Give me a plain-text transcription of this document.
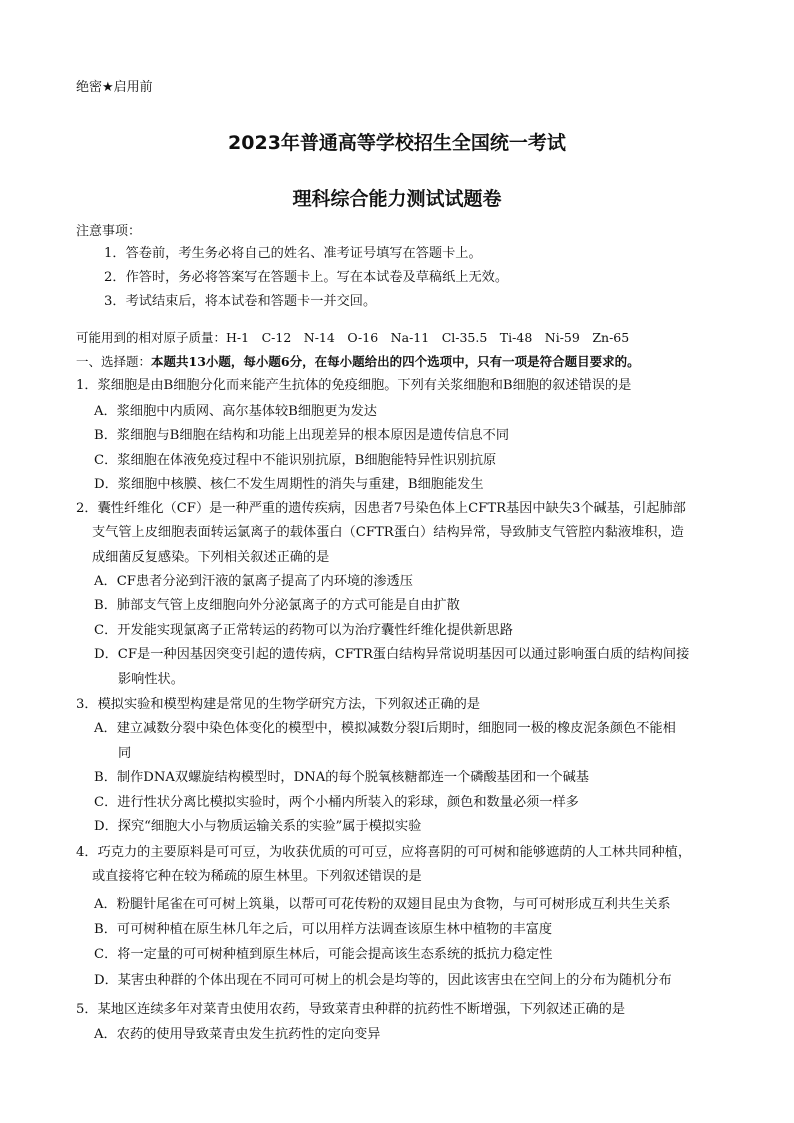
绝密★启用前
2023年普通高等学校招生全国统一考试
理科综合能力测试试题卷
注意事项：
1．答卷前，考生务必将自己的姓名、准考证号填写在答题卡上。
2．作答时，务必将答案写在答题卡上。写在本试卷及草稿纸上无效。
3．考试结束后，将本试卷和答题卡一并交回。
可能用到的相对原子质量：H-1　C-12　N-14　O-16　Na-11　Cl-35.5　Ti-48　Ni-59　Zn-65
一、选择题：本题共13小题，每小题6分，在每小题给出的四个选项中，只有一项是符合题目要求的。
1．浆细胞是由B细胞分化而来能产生抗体的免疫细胞。下列有关浆细胞和B细胞的叙述错误的是
A．浆细胞中内质网、高尔基体较B细胞更为发达
B．浆细胞与B细胞在结构和功能上出现差异的根本原因是遗传信息不同
C．浆细胞在体液免疫过程中不能识别抗原，B细胞能特异性识别抗原
D．浆细胞中核膜、核仁不发生周期性的消失与重建，B细胞能发生
2．囊性纤维化（CF）是一种严重的遗传疾病，因患者7号染色体上CFTR基因中缺失3个碱基，引起肺部
支气管上皮细胞表面转运氯离子的载体蛋白（CFTR蛋白）结构异常，导致肺支气管腔内黏液堆积，造
成细菌反复感染。下列相关叙述正确的是
A．CF患者分泌到汗液的氯离子提高了内环境的渗透压
B．肺部支气管上皮细胞向外分泌氯离子的方式可能是自由扩散
C．开发能实现氯离子正常转运的药物可以为治疗囊性纤维化提供新思路
D．CF是一种因基因突变引起的遗传病，CFTR蛋白结构异常说明基因可以通过影响蛋白质的结构间接
影响性状。
3．模拟实验和模型构建是常见的生物学研究方法，下列叙述正确的是
A．建立减数分裂中染色体变化的模型中，模拟减数分裂Ⅰ后期时，细胞同一极的橡皮泥条颜色不能相
同
B．制作DNA双螺旋结构模型时，DNA的每个脱氧核糖都连一个磷酸基团和一个碱基
C．进行性状分离比模拟实验时，两个小桶内所装入的彩球，颜色和数量必须一样多
D．探究“细胞大小与物质运输关系的实验”属于模拟实验
4．巧克力的主要原料是可可豆，为收获优质的可可豆，应将喜阴的可可树和能够遮荫的人工林共同种植，
或直接将它种在较为稀疏的原生林里。下列叙述错误的是
A．粉腿针尾雀在可可树上筑巢，以帮可可花传粉的双翅目昆虫为食物，与可可树形成互利共生关系
B．可可树种植在原生林几年之后，可以用样方法调查该原生林中植物的丰富度
C．将一定量的可可树种植到原生林后，可能会提高该生态系统的抵抗力稳定性
D．某害虫种群的个体出现在不同可可树上的机会是均等的，因此该害虫在空间上的分布为随机分布
5．某地区连续多年对菜青虫使用农药，导致菜青虫种群的抗药性不断增强，下列叙述正确的是
A．农药的使用导致菜青虫发生抗药性的定向变异
